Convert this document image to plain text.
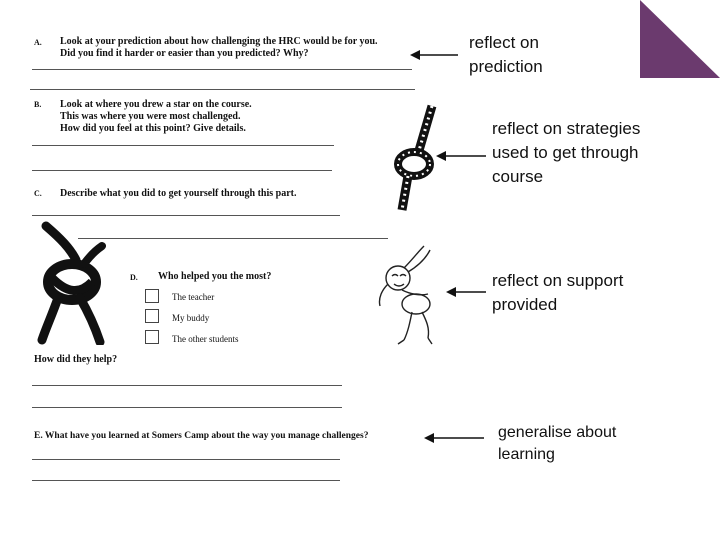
A. Look at your prediction about how challenging the HRC would be for you.
Did you find it harder or easier than you predicted? Why?
B. Look at where you drew a star on the course.
This was where you were most challenged.
How did you feel at this point? Give details.
C. Describe what you did to get yourself through this part.
D. Who helped you the most?
The teacher
My buddy
The other students
How did they help?
E. What have you learned at Somers Camp about the way you manage challenges?
reflect on
prediction
reflect on strategies
used to get through
course
reflect on support
provided
generalise about
learning
